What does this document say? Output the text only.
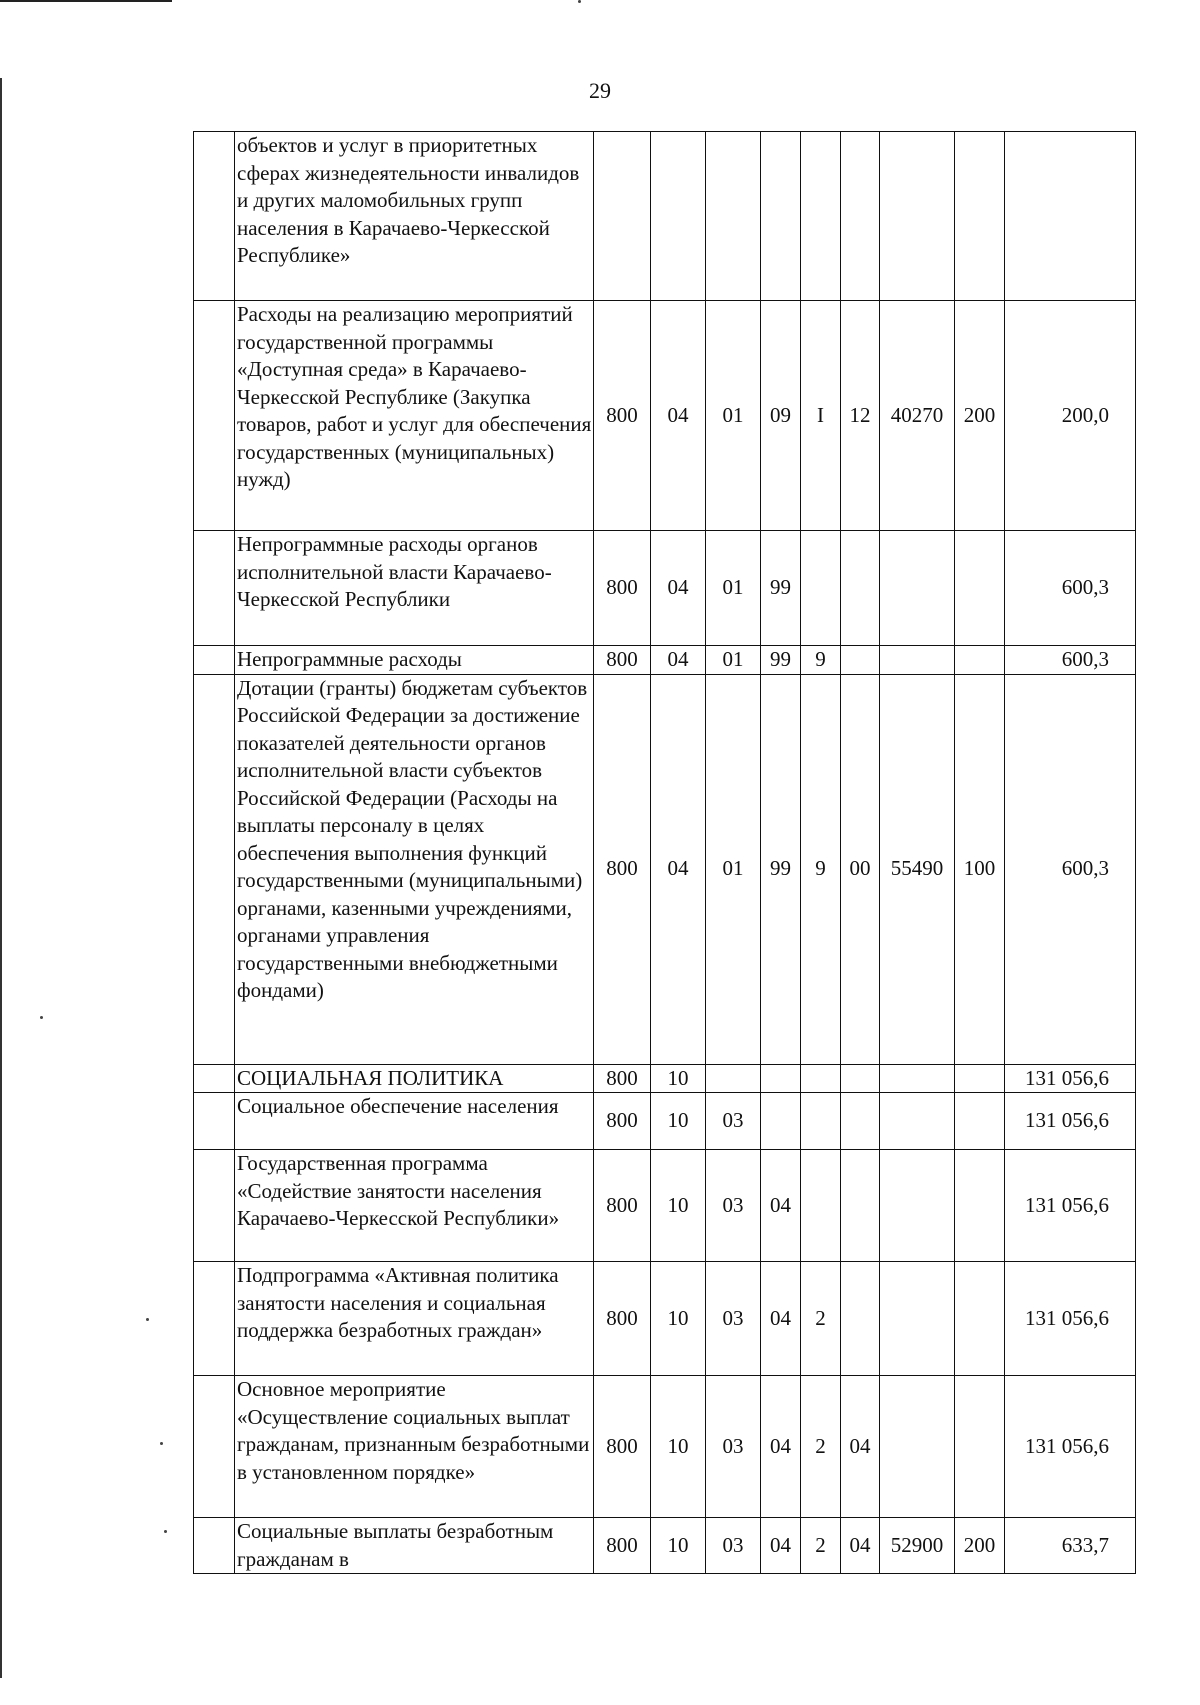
29
	объектов и услуг в приоритетных сферах жизнедеятельности инвалидов и других маломобильных групп населения в Карачаево-Черкесской Республике»									
	Расходы на реализацию мероприятий государственной программы «Доступная среда» в Карачаево-Черкесской Республике (Закупка товаров, работ и услуг для обеспечения государственных (муниципальных) нужд)	800	04	01	09	I	12	40270	200	200,0
	Непрограммные расходы органов исполнительной власти Карачаево-Черкесской Республики	800	04	01	99					600,3
	Непрограммные расходы	800	04	01	99	9				600,3
	Дотации (гранты) бюджетам субъектов Российской Федерации за достижение показателей деятельности органов исполнительной власти субъектов Российской Федерации (Расходы на выплаты персоналу в целях обеспечения выполнения функций государственными (муниципальными) органами, казенными учреждениями, органами управления государственными внебюджетными фондами)	800	04	01	99	9	00	55490	100	600,3
	СОЦИАЛЬНАЯ ПОЛИТИКА	800	10							131 056,6
	Социальное обеспечение населения	800	10	03						131 056,6
	Государственная программа «Содействие занятости населения Карачаево-Черкесской Республики»	800	10	03	04					131 056,6
	Подпрограмма «Активная политика занятости населения и социальная поддержка безработных граждан»	800	10	03	04	2				131 056,6
	Основное мероприятие «Осуществление социальных выплат гражданам, признанным безработными в установленном порядке»	800	10	03	04	2	04			131 056,6
	Социальные выплаты безработным гражданам в	800	10	03	04	2	04	52900	200	633,7
